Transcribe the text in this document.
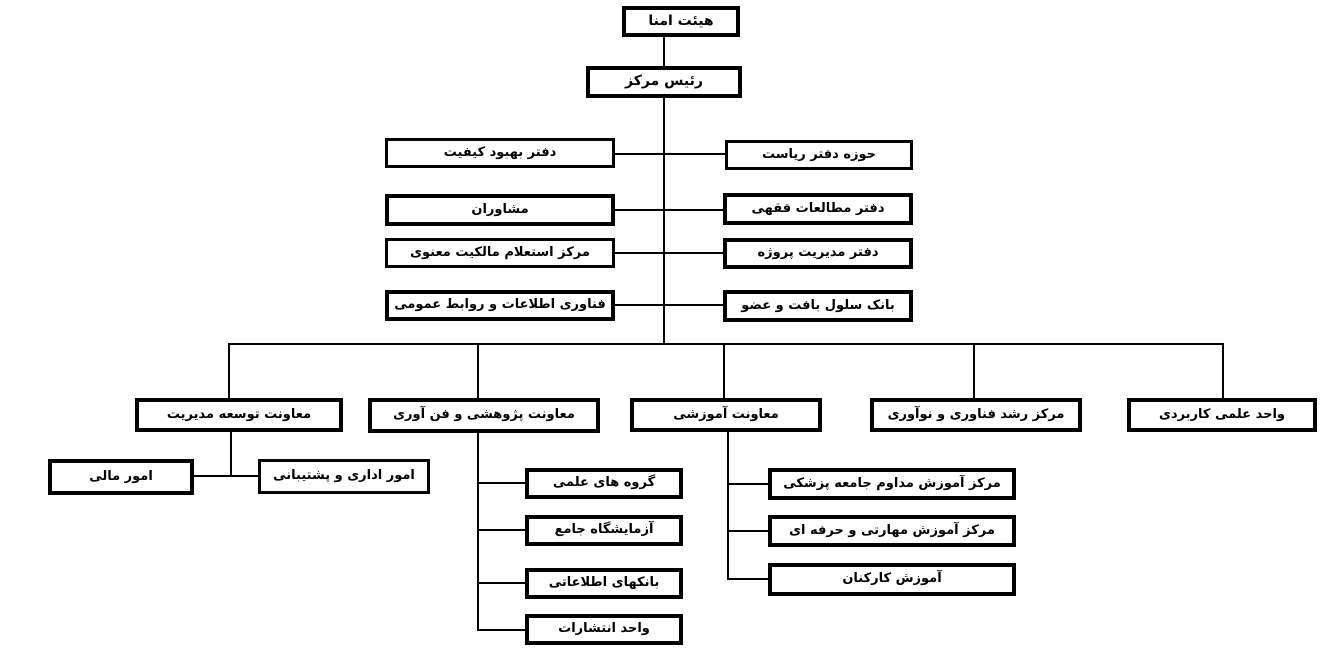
هیئت امنا
رئیس مرکز
دفتر بهبود کیفیت
مشاوران
مرکز استعلام مالکیت معنوی
فناوری اطلاعات و روابط عمومی
حوزه دفتر ریاست
دفتر مطالعات فقهی
دفتر مدیریت پروژه
بانک سلول بافت و عضو
معاونت توسعه مدیریت	معاونت پژوهشی و فن آوری	معاونت آموزشی	مرکز رشد فناوری و نوآوری	واحد علمی کاربردی
امور مالی	امور اداری و پشتیبانی	گروه های علمی
آزمایشگاه جامع
بانکهای اطلاعاتی
واحد انتشارات
مرکز آموزش مداوم جامعه پزشکی
مرکز آموزش مهارتی و حرفه ای
آموزش کارکنان
